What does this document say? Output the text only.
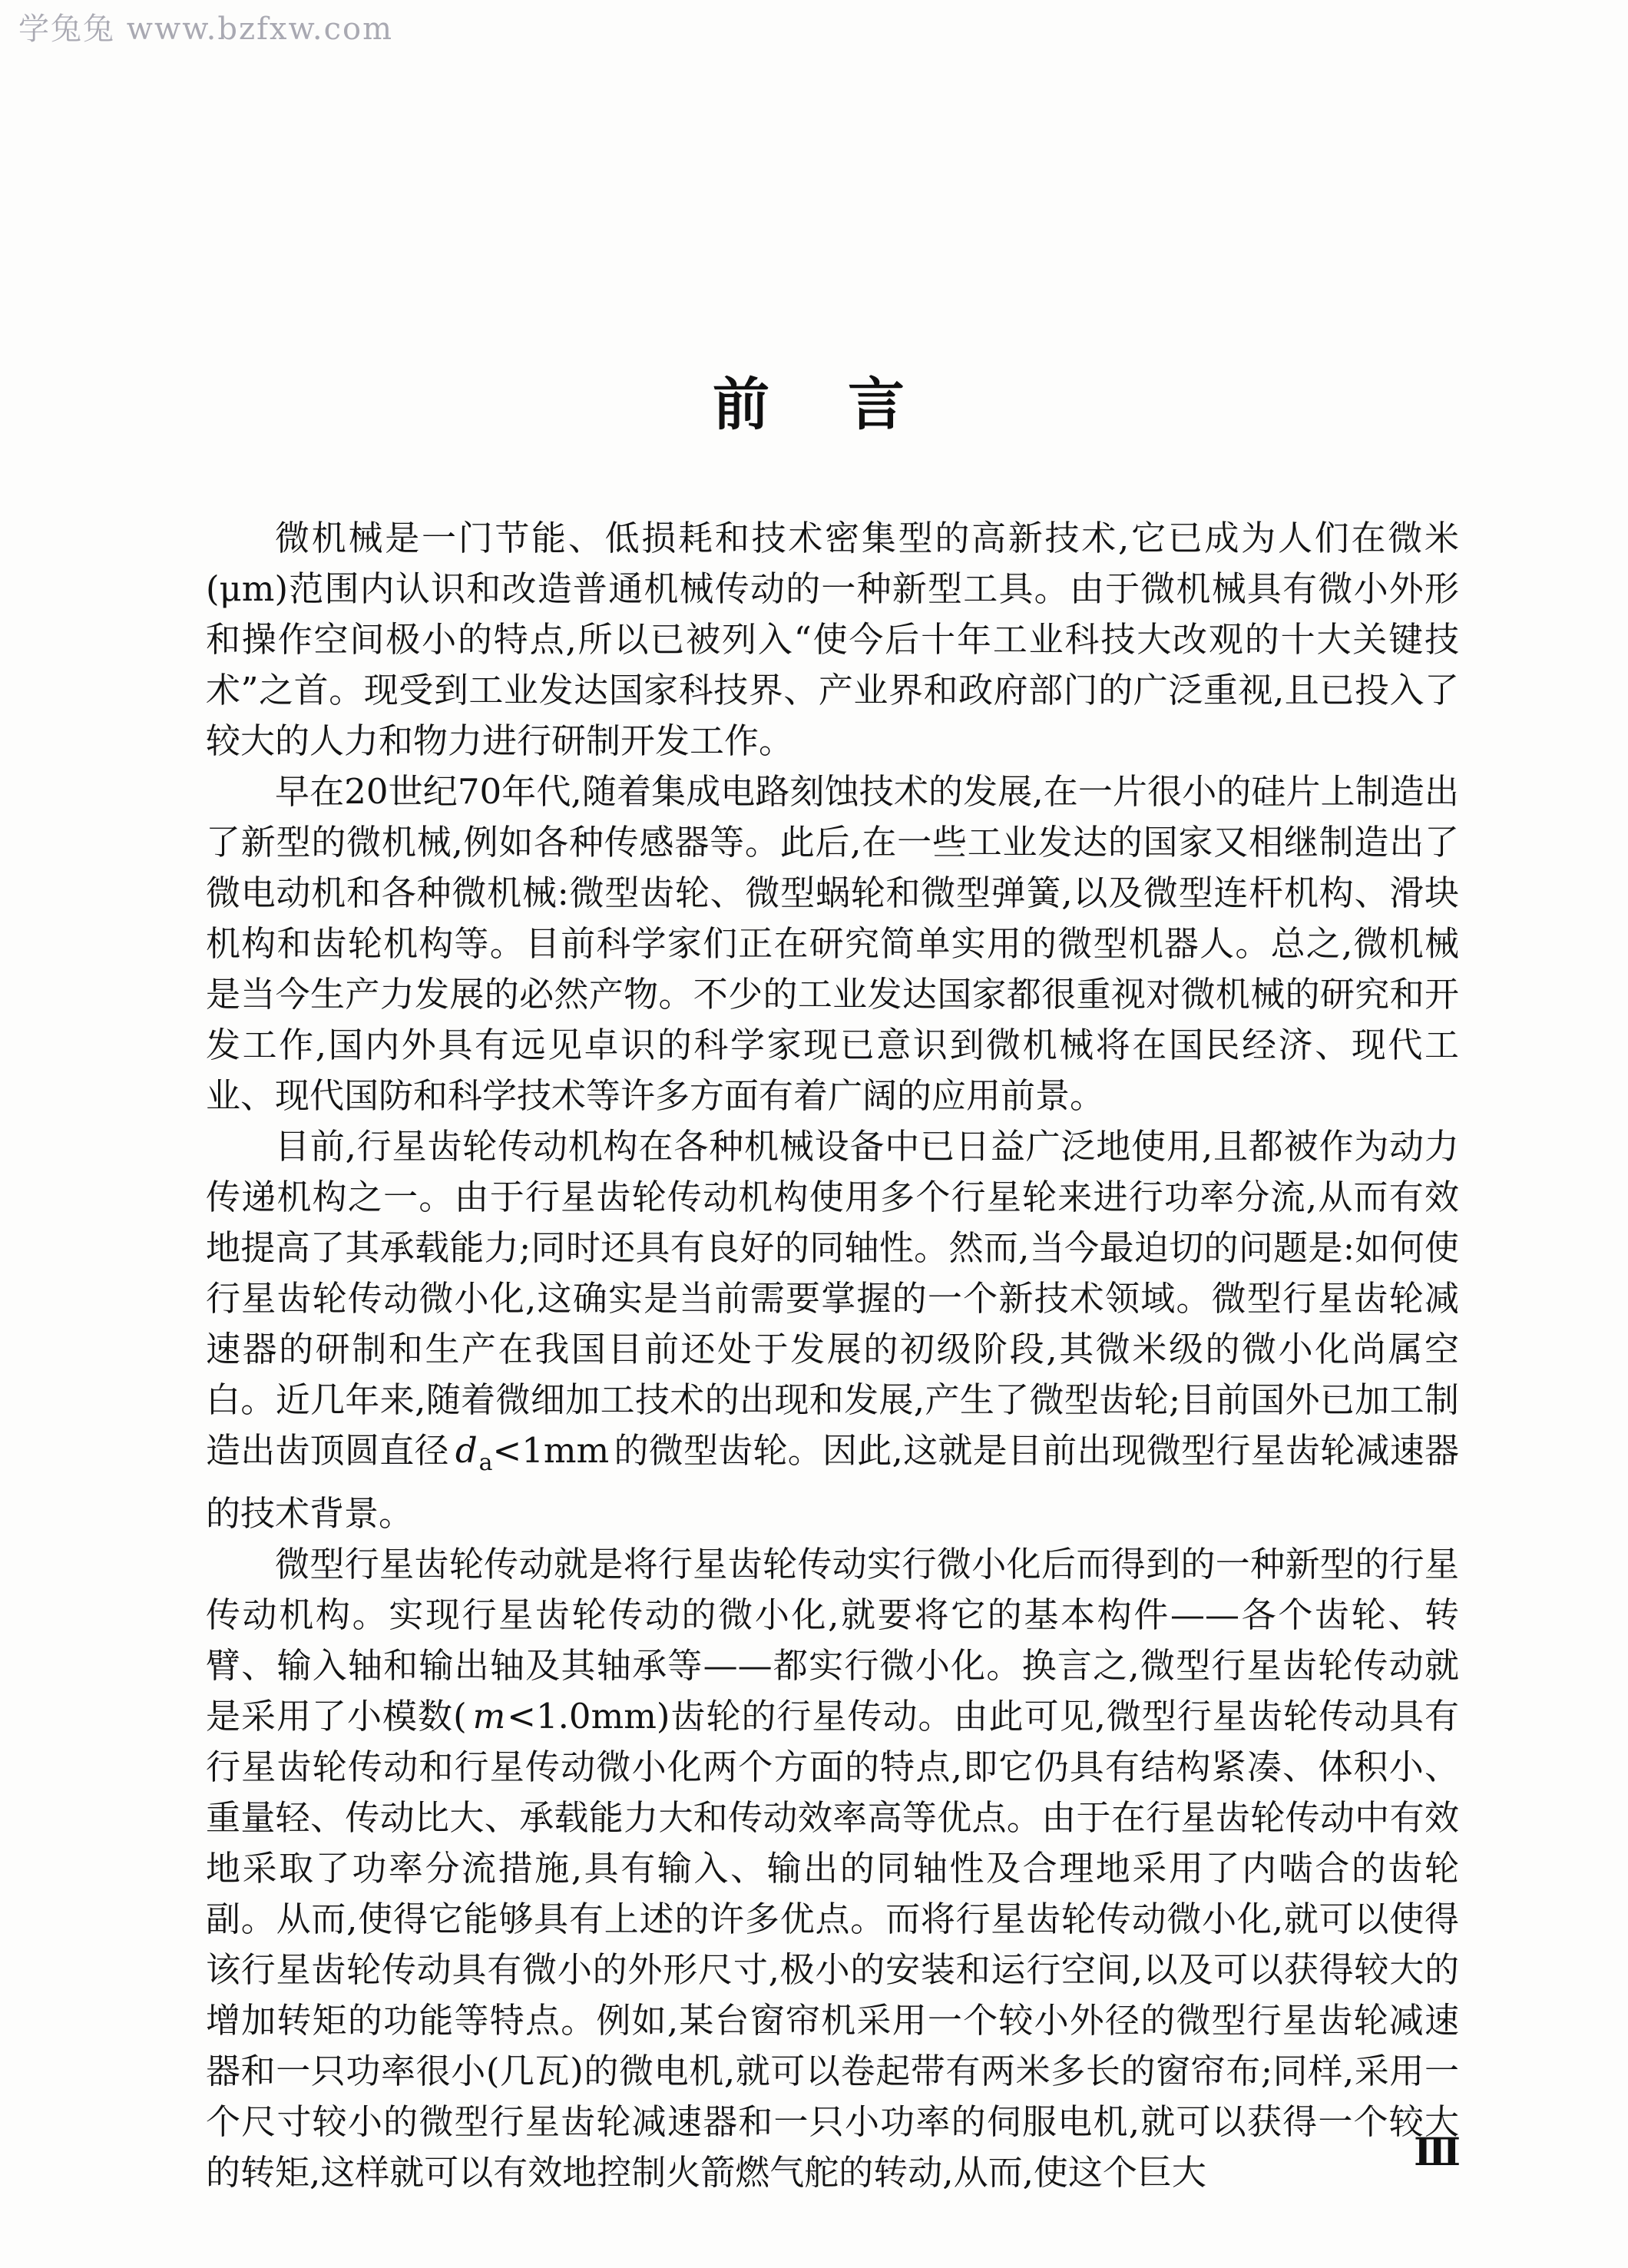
学兔兔 www.bzfxw.com
前　言

微机械是一门节能、低损耗和技术密集型的高新技术,它已成为人们在微米(μm)范围内认识和改造普通机械传动的一种新型工具。由于微机械具有微小外形和操作空间极小的特点,所以已被列入“使今后十年工业科技大改观的十大关键技术”之首。现受到工业发达国家科技界、产业界和政府部门的广泛重视,且已投入了较大的人力和物力进行研制开发工作。

早在20世纪70年代,随着集成电路刻蚀技术的发展,在一片很小的硅片上制造出了新型的微机械,例如各种传感器等。此后,在一些工业发达的国家又相继制造出了微电动机和各种微机械:微型齿轮、微型蜗轮和微型弹簧,以及微型连杆机构、滑块机构和齿轮机构等。目前科学家们正在研究简单实用的微型机器人。总之,微机械是当今生产力发展的必然产物。不少的工业发达国家都很重视对微机械的研究和开发工作,国内外具有远见卓识的科学家现已意识到微机械将在国民经济、现代工业、现代国防和科学技术等许多方面有着广阔的应用前景。

目前,行星齿轮传动机构在各种机械设备中已日益广泛地使用,且都被作为动力传递机构之一。由于行星齿轮传动机构使用多个行星轮来进行功率分流,从而有效地提高了其承载能力;同时还具有良好的同轴性。然而,当今最迫切的问题是:如何使行星齿轮传动微小化,这确实是当前需要掌握的一个新技术领域。微型行星齿轮减速器的研制和生产在我国目前还处于发展的初级阶段,其微米级的微小化尚属空白。近几年来,随着微细加工技术的出现和发展,产生了微型齿轮;目前国外已加工制造出齿顶圆直径 $d_a<1mm$ 的微型齿轮。因此,这就是目前出现微型行星齿轮减速器的技术背景。

微型行星齿轮传动就是将行星齿轮传动实行微小化后而得到的一种新型的行星传动机构。实现行星齿轮传动的微小化,就要将它的基本构件——各个齿轮、转臂、输入轴和输出轴及其轴承等——都实行微小化。换言之,微型行星齿轮传动就是采用了小模数( m<1.0mm)齿轮的行星传动。由此可见,微型行星齿轮传动具有行星齿轮传动和行星传动微小化两个方面的特点,即它仍具有结构紧凑、体积小、重量轻、传动比大、承载能力大和传动效率高等优点。由于在行星齿轮传动中有效地采取了功率分流措施,具有输入、输出的同轴性及合理地采用了内啮合的齿轮副。从而,使得它能够具有上述的许多优点。而将行星齿轮传动微小化,就可以使得该行星齿轮传动具有微小的外形尺寸,极小的安装和运行空间,以及可以获得较大的增加转矩的功能等特点。例如,某台窗帘机采用一个较小外径的微型行星齿轮减速器和一只功率很小(几瓦)的微电机,就可以卷起带有两米多长的窗帘布;同样,采用一个尺寸较小的微型行星齿轮减速器和一只小功率的伺服电机,就可以获得一个较大的转矩,这样就可以有效地控制火箭燃气舵的转动,从而,使这个巨大	Ⅲ
